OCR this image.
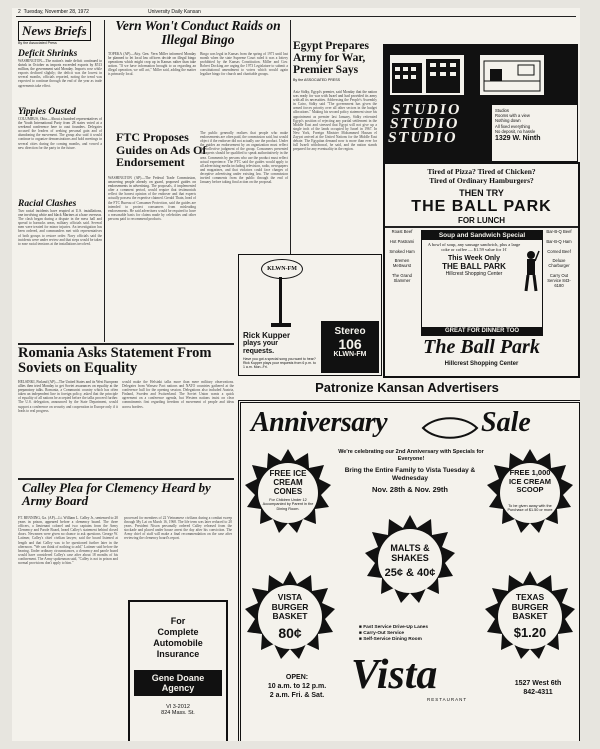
2 Tuesday, November 28, 1972	University Daily Kansan
News Briefs
By the Associated Press
Deficit Shrinks
WASHINGTON—The nation's trade deficit continued to shrink in October as imports exceeded exports by $513 million, the government said Monday. Imports rose while exports declined slightly; the deficit was the lowest in several months, officials reported, noting the trend was expected to continue through the end of the year as trade agreements take effect.
Yippies Ousted
COLUMBUS, Ohio—About a hundred representatives of the Youth International Party from 28 states voted at a weekend conference here to oust founders. Delegates accused the leaders of seeking personal gain and of abandoning the movement. The group also said it would continue to organize demonstrations and hold meetings in several cities during the coming months, and vowed a new direction for the party in the future.
Racial Clashes
Two racial incidents have erupted at U.S. installations, one involving white and black Marines at a base overseas. The clash began during a dispute in the mess hall and spread to barracks areas, military officials said. Several men were treated for minor injuries. An investigation has been ordered, and commanders met with representatives of both groups to restore order. Navy officials said the incidents were under review and that steps would be taken to ease racial tensions at the installations involved.
Vern Won't Conduct Raids on Illegal Bingo
TOPEKA (AP)—Atty. Gen. Vern Miller informed Monday he planned to let local law officers decide on illegal bingo operations which might crop up in Kansas rather than take action. "If we have information brought to us regarding an illegal operation, we will act," Miller said, adding the matter is primarily local.
Bingo was legal in Kansas from the spring of 1971 until last month when the state Supreme Court ruled it was a lottery prohibited by the Kansas Constitution. Miller and Gov. Robert Docking are urging the 1973 Legislature to submit a constitutional amendment to voters which would again legalize bingo for church and charitable groups.
FTC Proposes Guides on Ads Of Endorsement
WASHINGTON (AP)—The Federal Trade Commission, answering people already on guard, proposed guides on endorsements in advertising. The proposals, if implemented after a comment period, would require that testimonials reflect the honest opinion of the endorser and that experts actually possess the expertise claimed. Gerald Thain, head of the FTC Bureau of Consumer Protection, said the guides are intended to protect consumers from misleading endorsements. He said advertisers would be required to have a reasonable basis for claims made by celebrities and other persons paid to recommend products.
The public generally realizes that people who make endorsements are often paid, the commission said, but would object if the endorser did not actually use the product. Under the guides an endorsement by an organization must reflect the collective judgment of the group. Consumers presented as experts should be qualified to speak authoritatively in the area. Comments by persons who use the product must reflect actual experience. The FTC said the guides would apply to all advertising media including television, radio, newspapers and magazines, and that violators could face charges of deceptive advertising under existing law. The commission invited comments from the public through the end of January before taking final action on the proposal.
Egypt Prepares Army for War, Premier Says
By the ASSOCIATED PRESS
Aziz Sidky, Egypt's premier, said Monday that the nation was ready for war with Israel and had provided its army with all its necessities. Addressing the People's Assembly in Cairo, Sidky said "The government has given the armed forces priority over all other sectors in the budget allocations." Making his second policy statement since his appointment as premier last January, Sidky reiterated Egypt's position of rejecting any partial settlement in the Middle East and stressed that Egypt will not give up a single inch of the lands occupied by Israel in 1967. In New York, Foreign Minister Mohammed Hassan el Zayyat arrived at the United Nations for the Middle East debate. The Egyptian demand now is more than ever for full Israeli withdrawal, he said, and the nation stands prepared for any eventuality in the region.
STUDIO
STUDIO
STUDIO
Studios
Rooms with a view
Nothing down
All fixed everything
No deposit, no hassle
1329 W. Ninth
Tired of Pizza? Tired of Chicken?
Tired of Ordinary Hamburgers?
THEN TRY
THE BALL PARK
FOR LUNCH
Roast Beef
Hot Pastrami
Smoked Ham
Bremen Mettwurst
The Grand Slammer
Bar-B-Q Beef
Bar-B-Q Ham
Corned Beef
Deluxe Charburger
Carry Out Service 843-6180
Soup and Sandwich Special
A bowl of soup, any sausage sandwich, plus a large coke or coffee — $1.59 value for 1¢
This Week Only
THE BALL PARK
Hillcrest Shopping Center
GREAT FOR DINNER TOO
The Ball Park
Hillcrest Shopping Center
KLWN-FM
Rick Kupper
plays your
requests.
Have you got a special song you want to hear? Rick Kupper plays your requests from 6 p.m. to 1 a.m. Mon.-Fri.
Stereo
106
KLWN-FM
Romania Asks Statement From Soviets on Equality
HELSINKI, Finland (AP)—The United States and its West European allies then tried Monday to get Soviet assurances on equality at the preparatory talks. Romania, a Communist country which has often taken an independent line in foreign policy, asked that the principle of equality of all nations be accepted before the talks proceed further. The U.S. delegation, announced by the State Department, would support a conference on security and cooperation in Europe only if it leads to real progress.
would make the Helsinki talks more than mere military observations. Delegates from Warsaw Pact nations and NATO countries gathered at the conference hall for the opening session. Delegations also included Austria, Finland, Sweden and Switzerland. The Soviet Union wants a quick agreement on a conference agenda, but Western nations insist on clear commitments first regarding freedom of movement of people and ideas across borders.
Calley Plea for Clemency Heard by Army Board
FT. BENNING, Ga. (AP)—Lt. William L. Calley Jr., sentenced to 20 years in prison, appeared before a clemency board. The three officers, a lieutenant colonel and two captains from the Army Clemency and Parole Board, heard Calley's statement behind closed doors. Newsmen were given no chance to ask questions. George W. Latimer, Calley's chief civilian lawyer, said the board listened at length and that Calley was to be questioned further later in the afternoon. "We can think of nothing to add," Latimer said before the hearing. Under ordinary circumstances, a clemency and parole board would have considered Calley's case after about 18 months of his confinement. The Army spokesman said, "Calley is not in prison and normal provisions don't apply to him."
processed for members of 22 Vietnamese civilians during a combat sweep through My Lai on March 16, 1968. The life term was later reduced to 20 years. President Nixon personally ordered Calley released from the stockade and placed under house arrest the day after his conviction. The Army chief of staff will make a final recommendation on the case after reviewing the clemency board's report.
For
Complete
Automobile
Insurance
Gene Doane
Agency
VI 3-2012
824 Mass. St.
Patronize Kansan Advertisers
Anniversary	Sale
We're celebrating our 2nd Anniversary with Specials for Everyone!
FREE ICE CREAM CONES
For Children Under 12 Accompanied by Parent in the Dining Room.
FREE 1,000 ICE CREAM SCOOP
To be given away with the Purchase of $1.50 or more
Bring the Entire Family to Vista Tuesday & Wednesday
Nov. 28th & Nov. 29th
MALTS & SHAKES
25¢ & 40¢
VISTA BURGER BASKET
80¢
TEXAS BURGER BASKET
$1.20
■ Fast Service Drive-Up Lanes
■ Carry-Out Service
■ Self-Service Dining Room
OPEN:
10 a.m. to 12 p.m.
2 a.m. Fri. & Sat. Vista
RESTAURANT
1527 West 6th
842-4311
